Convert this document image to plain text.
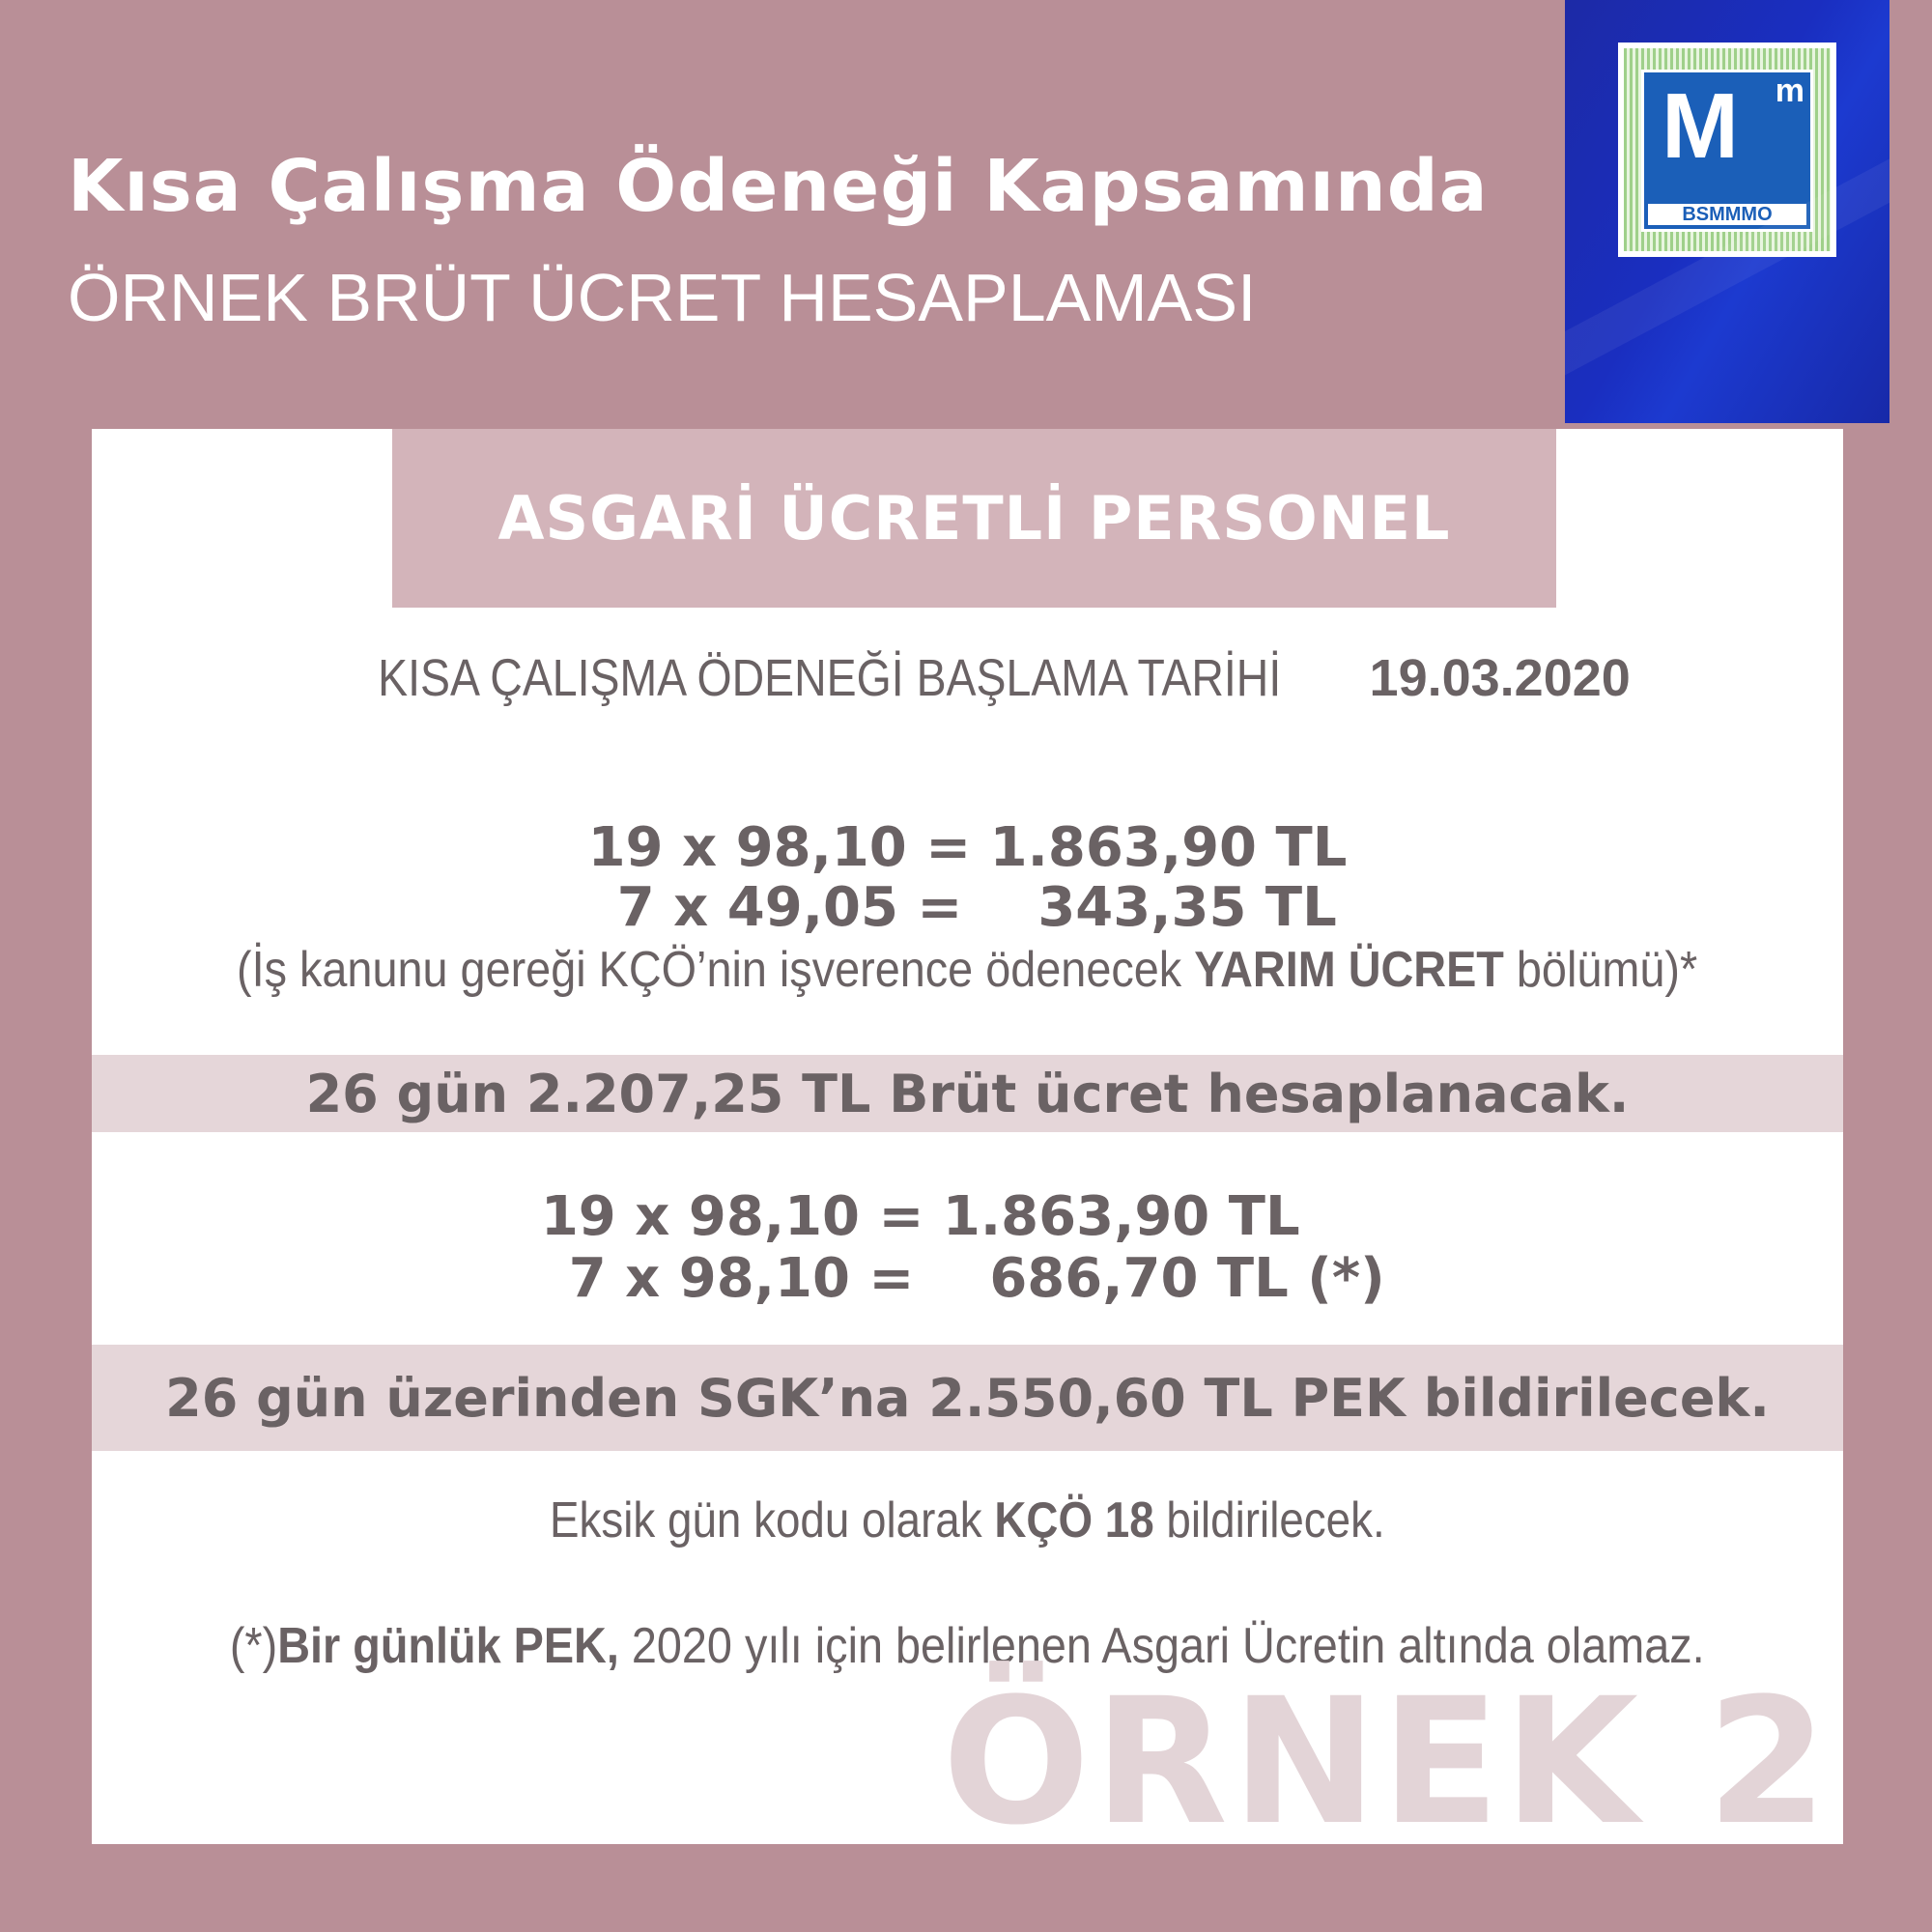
Kısa Çalışma Ödeneği Kapsamında
ÖRNEK BRÜT ÜCRET HESAPLAMASI
M m
BSMMMO
ASGARİ ÜCRETLİ PERSONEL
KISA ÇALIŞMA ÖDENEĞİ BAŞLAMA TARİHİ 19.03.2020
19 x 98,10 = 1.863,90 TL
7 x 49,05 =    343,35 TL
(İş kanunu gereği KÇÖ’nin işverence ödenecek YARIM ÜCRET bölümü)*
26 gün 2.207,25 TL Brüt ücret hesaplanacak.
19 x 98,10 = 1.863,90 TL
7 x 98,10 =    686,70 TL (*)
26 gün üzerinden SGK’na 2.550,60 TL PEK bildirilecek.
Eksik gün kodu olarak KÇÖ 18 bildirilecek.
(*)Bir günlük PEK, 2020 yılı için belirlenen Asgari Ücretin altında olamaz.
ÖRNEK 2
